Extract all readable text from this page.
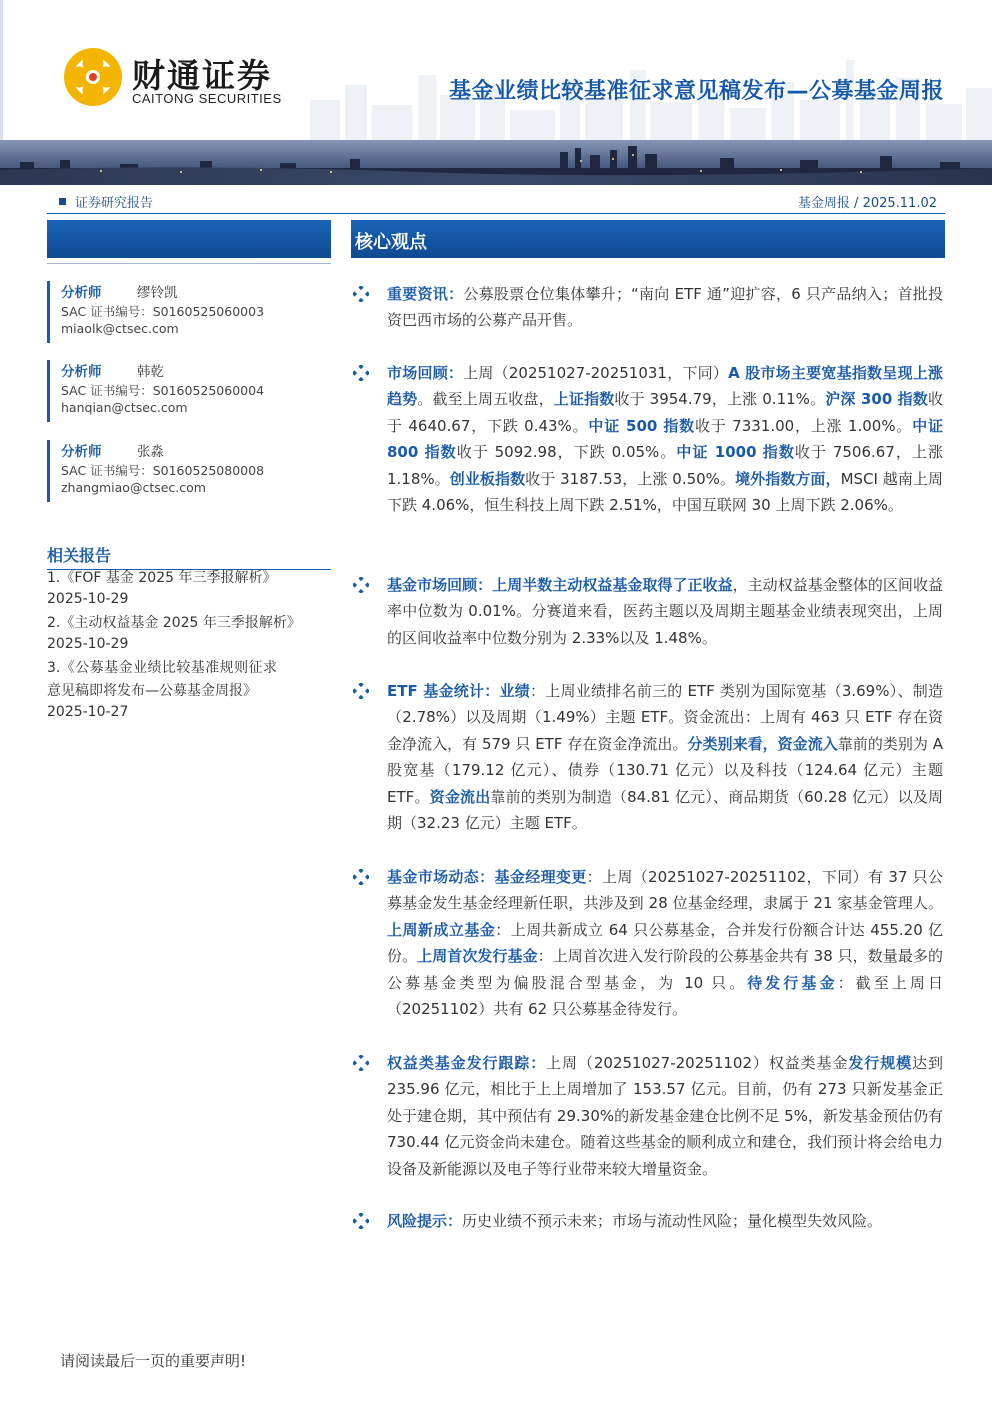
财通证券
CAITONG SECURITIES	基金业绩比较基准征求意见稿发布—公募基金周报
证券研究报告	基金周报 / 2025.11.02
分析师	缪铃凯
SAC 证书编号：S0160525060003
miaolk@ctsec.com
分析师	韩乾
SAC 证书编号：S0160525060004
hanqian@ctsec.com
分析师	张淼
SAC 证书编号：S0160525080008
zhangmiao@ctsec.com
相关报告
1.《FOF 基金 2025 年三季报解析》
2025-10-29
2.《主动权益基金 2025 年三季报解析》
2025-10-29
3.《公募基金业绩比较基准规则征求意见稿即将发布—公募基金周报》
2025-10-27
核心观点
重要资讯：公募股票仓位集体攀升；“南向 ETF 通”迎扩容，6 只产品纳入；首批投资巴西市场的公募产品开售。
市场回顾：上周（20251027-20251031，下同）A 股市场主要宽基指数呈现上涨趋势。截至上周五收盘，上证指数收于 3954.79，上涨 0.11%。沪深 300 指数收于 4640.67，下跌 0.43%。中证 500 指数收于 7331.00，上涨 1.00%。中证 800 指数收于 5092.98，下跌 0.05%。中证 1000 指数收于 7506.67，上涨 1.18%。创业板指数收于 3187.53，上涨 0.50%。境外指数方面，MSCI 越南上周下跌 4.06%，恒生科技上周下跌 2.51%，中国互联网 30 上周下跌 2.06%。
基金市场回顾：上周半数主动权益基金取得了正收益，主动权益基金整体的区间收益率中位数为 0.01%。分赛道来看，医药主题以及周期主题基金业绩表现突出，上周的区间收益率中位数分别为 2.33%以及 1.48%。
ETF 基金统计：业绩：上周业绩排名前三的 ETF 类别为国际宽基（3.69%）、制造（2.78%）以及周期（1.49%）主题 ETF。资金流出：上周有 463 只 ETF 存在资金净流入，有 579 只 ETF 存在资金净流出。分类别来看，资金流入靠前的类别为 A 股宽基（179.12 亿元）、债券（130.71 亿元）以及科技（124.64 亿元）主题 ETF。资金流出靠前的类别为制造（84.81 亿元）、商品期货（60.28 亿元）以及周期（32.23 亿元）主题 ETF。
基金市场动态：基金经理变更：上周（20251027-20251102，下同）有 37 只公募基金发生基金经理新任职，共涉及到 28 位基金经理，隶属于 21 家基金管理人。上周新成立基金：上周共新成立 64 只公募基金，合并发行份额合计达 455.20 亿份。上周首次发行基金：上周首次进入发行阶段的公募基金共有 38 只，数量最多的公募基金类型为偏股混合型基金，为 10 只。待发行基金：截至上周日（20251102）共有 62 只公募基金待发行。
权益类基金发行跟踪：上周（20251027-20251102）权益类基金发行规模达到 235.96 亿元，相比于上上周增加了 153.57 亿元。目前，仍有 273 只新发基金正处于建仓期，其中预估有 29.30%的新发基金建仓比例不足 5%，新发基金预估仍有 730.44 亿元资金尚未建仓。随着这些基金的顺利成立和建仓，我们预计将会给电力设备及新能源以及电子等行业带来较大增量资金。
风险提示：历史业绩不预示未来；市场与流动性风险；量化模型失效风险。
请阅读最后一页的重要声明!
